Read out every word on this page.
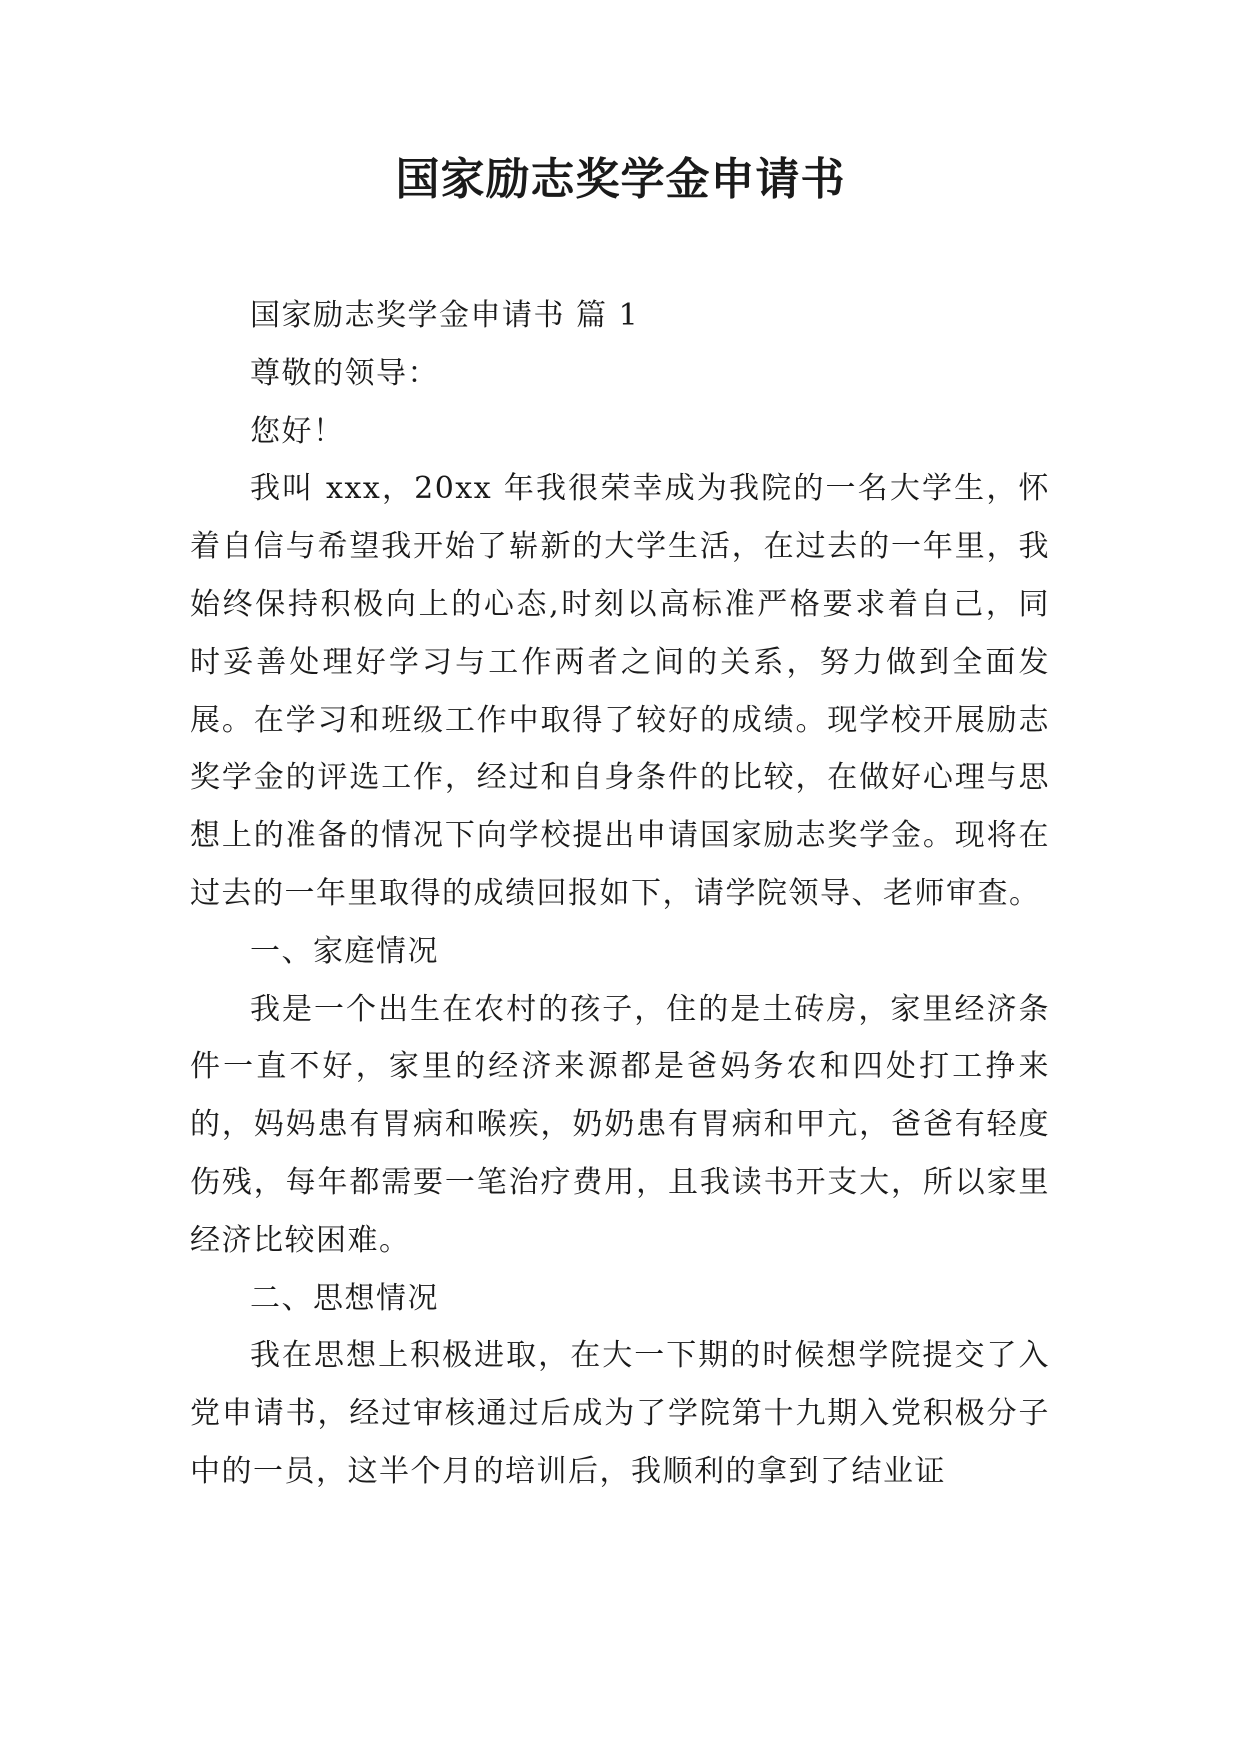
国家励志奖学金申请书

国家励志奖学金申请书 篇 1

尊敬的领导：

您好！

我叫 xxx，20xx 年我很荣幸成为我院的一名大学生，怀着自信与希望我开始了崭新的大学生活，在过去的一年里，我始终保持积极向上的心态,时刻以高标准严格要求着自己，同时妥善处理好学习与工作两者之间的关系，努力做到全面发展。在学习和班级工作中取得了较好的成绩。现学校开展励志奖学金的评选工作，经过和自身条件的比较，在做好心理与思想上的准备的情况下向学校提出申请国家励志奖学金。现将在过去的一年里取得的成绩回报如下，请学院领导、老师审查。

一、家庭情况

我是一个出生在农村的孩子，住的是土砖房，家里经济条件一直不好，家里的经济来源都是爸妈务农和四处打工挣来的，妈妈患有胃病和喉疾，奶奶患有胃病和甲亢，爸爸有轻度伤残，每年都需要一笔治疗费用，且我读书开支大，所以家里经济比较困难。

二、思想情况

我在思想上积极进取，在大一下期的时候想学院提交了入党申请书，经过审核通过后成为了学院第十九期入党积极分子中的一员，这半个月的培训后，我顺利的拿到了结业证
